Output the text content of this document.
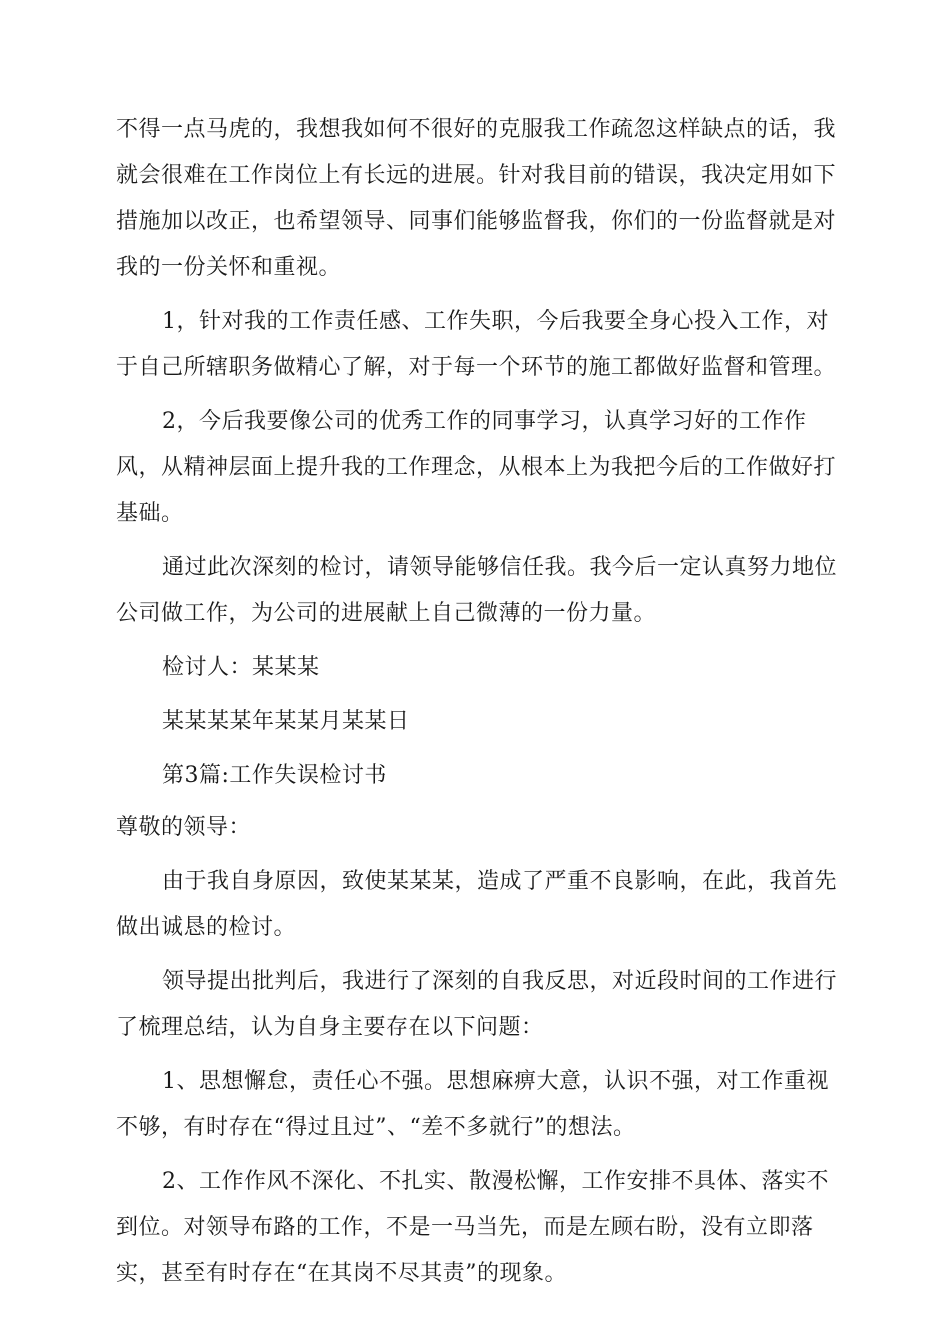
不得一点马虎的，我想我如何不很好的克服我工作疏忽这样缺点的话，我
就会很难在工作岗位上有长远的进展。针对我目前的错误，我决定用如下
措施加以改正，也希望领导、同事们能够监督我，你们的一份监督就是对
我的一份关怀和重视。
1，针对我的工作责任感、工作失职，今后我要全身心投入工作，对
于自己所辖职务做精心了解，对于每一个环节的施工都做好监督和管理。
2，今后我要像公司的优秀工作的同事学习，认真学习好的工作作
风，从精神层面上提升我的工作理念，从根本上为我把今后的工作做好打
基础。
通过此次深刻的检讨，请领导能够信任我。我今后一定认真努力地位
公司做工作，为公司的进展献上自己微薄的一份力量。
检讨人：某某某
某某某某年某某月某某日
第3篇:工作失误检讨书
尊敬的领导：
由于我自身原因，致使某某某，造成了严重不良影响，在此，我首先
做出诚恳的检讨。
领导提出批判后，我进行了深刻的自我反思，对近段时间的工作进行
了梳理总结，认为自身主要存在以下问题：
1、思想懈怠，责任心不强。思想麻痹大意，认识不强，对工作重视
不够，有时存在“得过且过”、“差不多就行”的想法。
2、工作作风不深化、不扎实、散漫松懈，工作安排不具体、落实不
到位。对领导布路的工作，不是一马当先，而是左顾右盼，没有立即落
实，甚至有时存在“在其岗不尽其责”的现象。
